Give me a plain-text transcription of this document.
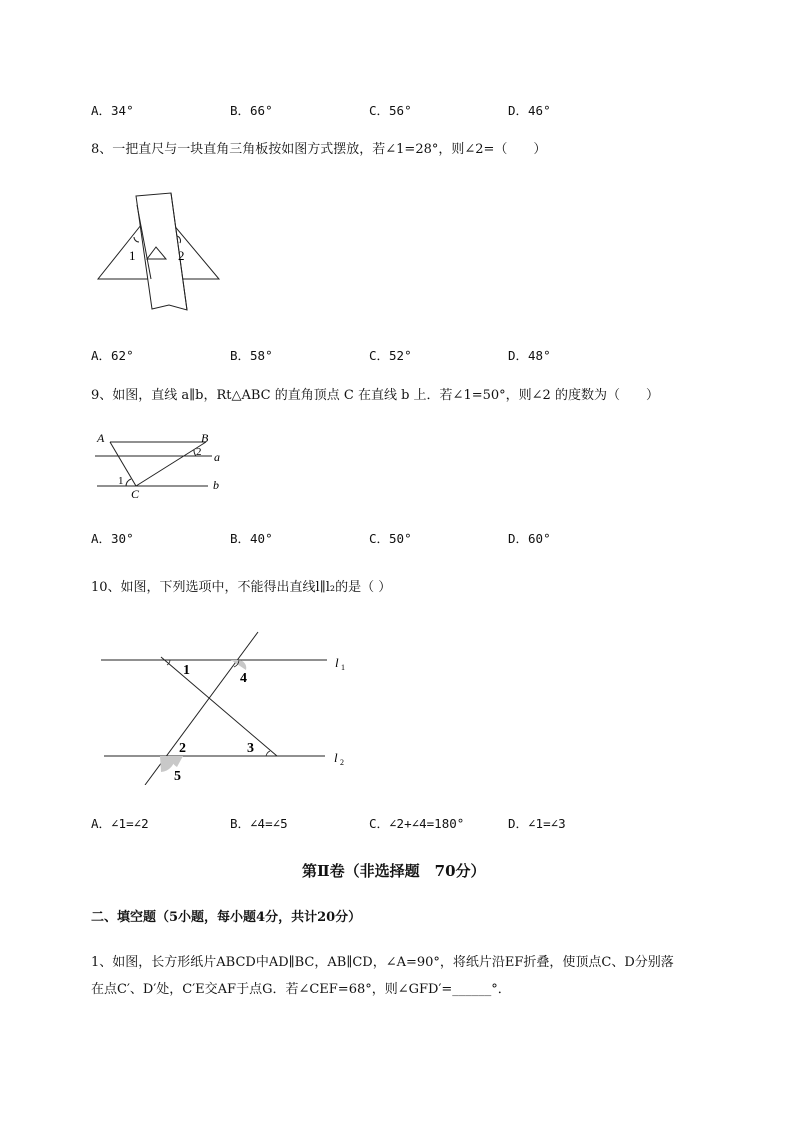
A．34°	B．66°	C．56°	D．46°
8、一把直尺与一块直角三角板按如图方式摆放，若∠1=28°，则∠2=（　　）
1	2
A．62°	B．58°	C．52°	D．48°
9、如图，直线 a∥b，Rt△ABC 的直角顶点 C 在直线 b 上．若∠1=50°，则∠2 的度数为（　　）
A	B
2 a
1
C
b
A．30°	B．40°	C．50°	D．60°
10、如图，下列选项中，不能得出直线l∥l₂的是（ ）
1
4
l 1
2	3
5
l 2
A．∠1=∠2	B．∠4=∠5	C．∠2+∠4=180°	D．∠1=∠3
第Ⅱ卷（非选择题　70分）
二、填空题（5小题，每小题4分，共计20分）
1、如图，长方形纸片ABCD中AD∥BC，AB∥CD，∠A=90°，将纸片沿EF折叠，使顶点C、D分别落
在点C′、D′处，C′E交AF于点G．若∠CEF=68°，则∠GFD′=______°．
